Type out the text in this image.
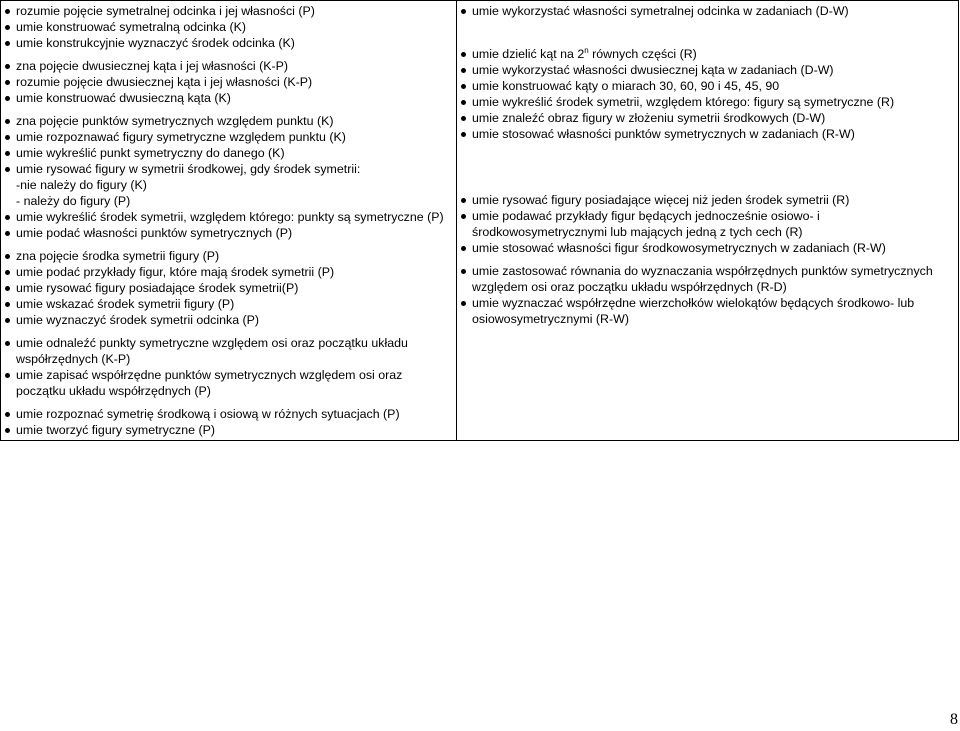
rozumie pojęcie symetralnej odcinka i jej własności (P)
umie konstruować symetralną odcinka (K)
umie konstrukcyjnie wyznaczyć środek odcinka (K)
zna pojęcie dwusiecznej kąta i jej własności (K-P)
rozumie pojęcie dwusiecznej kąta i jej własności (K-P)
umie konstruować dwusieczną kąta (K)
zna pojęcie punktów symetrycznych względem punktu (K)
umie rozpoznawać figury symetryczne względem punktu (K)
umie wykreślić punkt symetryczny do danego (K)
umie rysować figury w symetrii środkowej, gdy środek symetrii:
-nie należy do figury (K)
- należy do figury (P)
umie wykreślić środek symetrii, względem którego: punkty są symetryczne (P)
umie podać własności punktów symetrycznych (P)
zna pojęcie środka symetrii figury (P)
umie podać przykłady figur, które mają środek symetrii (P)
umie rysować figury posiadające środek symetrii(P)
umie wskazać środek symetrii figury (P)
umie wyznaczyć środek symetrii odcinka (P)
umie odnaleźć punkty symetryczne względem osi oraz początku układu współrzędnych (K-P)
umie zapisać współrzędne punktów symetrycznych względem osi oraz początku układu współrzędnych (P)
umie rozpoznać symetrię środkową i osiową w różnych sytuacjach (P)
umie tworzyć figury symetryczne (P)

umie wykorzystać własności symetralnej odcinka w zadaniach (D-W)
umie dzielić kąt na 2$^n$ równych części (R)
umie wykorzystać własności dwusiecznej kąta w zadaniach (D-W)
umie konstruować kąty o miarach 30, 60, 90 i 45, 45, 90
umie wykreślić środek symetrii, względem którego: figury są symetryczne (R)
umie znaleźć obraz figury w złożeniu symetrii środkowych (D-W)
umie stosować własności punktów symetrycznych w zadaniach (R-W)
umie rysować figury posiadające więcej niż jeden środek symetrii (R)
umie podawać przykłady figur będących jednocześnie osiowo- i środkowosymetrycznymi lub mających jedną z tych cech (R)
umie stosować własności figur środkowosymetrycznych w zadaniach (R-W)
umie zastosować równania do wyznaczania współrzędnych punktów symetrycznych względem osi oraz początku układu współrzędnych (R-D)
umie wyznaczać współrzędne wierzchołków wielokątów będących środkowo- lub osiowosymetrycznymi (R-W)
8
